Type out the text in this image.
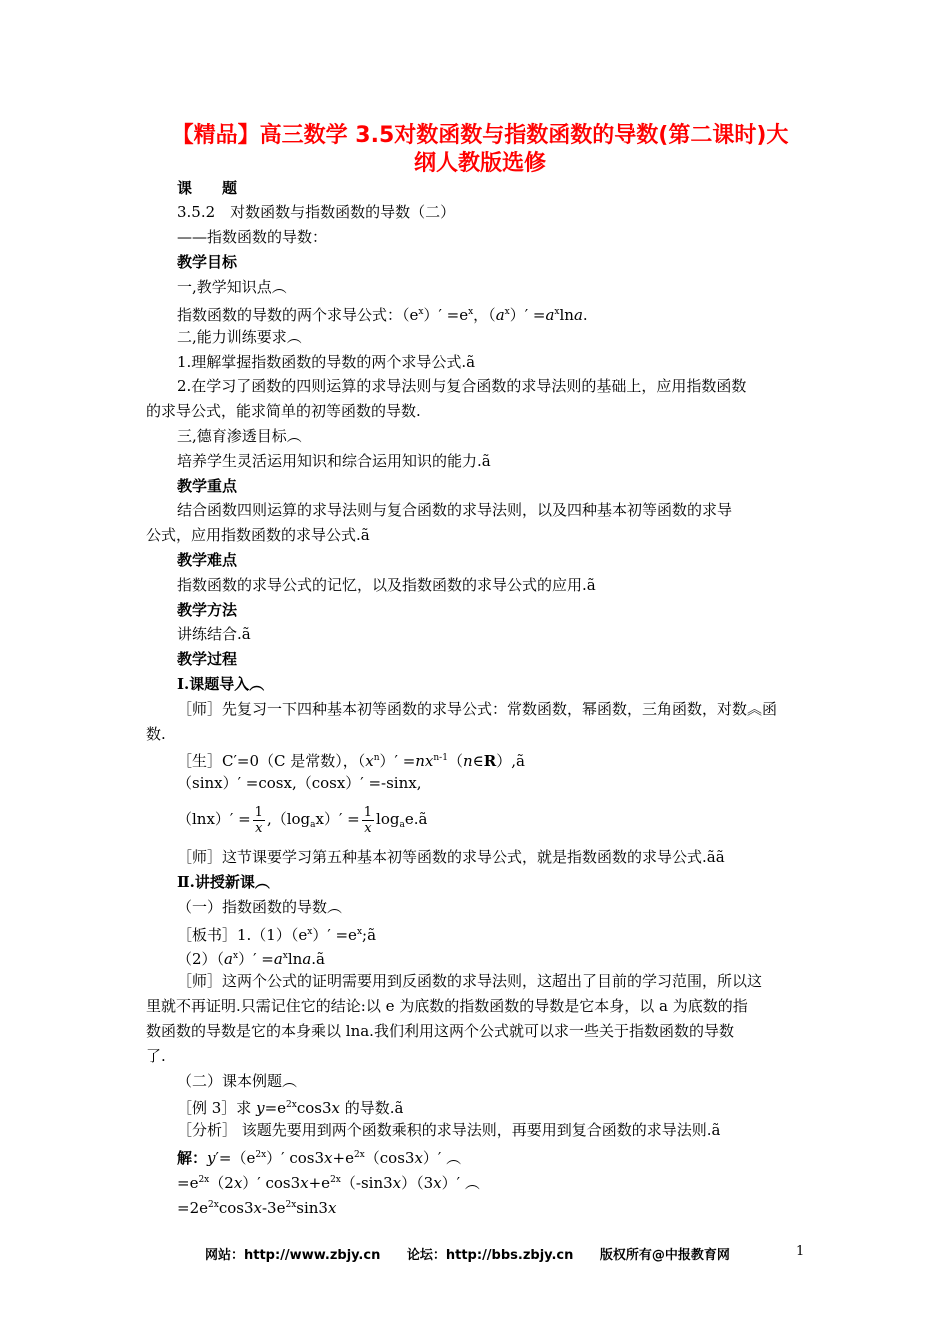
【精品】高三数学 3.5对数函数与指数函数的导数(第二课时)大
纲人教版选修
课　　题
3.5.2　对数函数与指数函数的导数（二）
——指数函数的导数：
教学目标
一,教学知识点︵
指数函数的导数的两个求导公式：$(e^x)' =e^x$，$(a^x)' =a^x\ln a$.
二,能力训练要求︵
1.理解掌握指数函数的导数的两个求导公式.ã
2.在学习了函数的四则运算的求导法则与复合函数的求导法则的基础上，应用指数函数
的求导公式，能求简单的初等函数的导数.
三,德育渗透目标︵
培养学生灵活运用知识和综合运用知识的能力.ã
教学重点
结合函数四则运算的求导法则与复合函数的求导法则，以及四种基本初等函数的求导
公式，应用指数函数的求导公式.ã
教学难点
指数函数的求导公式的记忆，以及指数函数的求导公式的应用.ã
教学方法
讲练结合.ã
教学过程
Ⅰ.课题导入︵
［师］先复习一下四种基本初等函数的求导公式：常数函数，幂函数，三角函数，对数︽函
数.
［生］C′=0（C 是常数），$(x^n)'$ $=nx^{n-1}(n\in R),ã$
（sinx）′ =cosx,（cosx）′ =-sinx,
$(\ln x)' = \frac{1}{x} ,(\log_ax)' = \frac{1}{x}$ $\log_ae.ã$
［师］这节课要学习第五种基本初等函数的求导公式，就是指数函数的求导公式.ãã
Ⅱ.讲授新课︵
（一）指数函数的导数︵
［板书$]1.(1)(e^x)'$ $=e^x;ã$
$(2)(a^x)'$ $=a^x\ln a.ã$
［师］这两个公式的证明需要用到反函数的求导法则，这超出了目前的学习范围，所以这
里就不再证明.只需记住它的结论:以 e 为底数的指数函数的导数是它本身，以 a 为底数的指
数函数的导数是它的本身乘以 lna.我们利用这两个公式就可以求一些关于指数函数的导数
了.
（二）课本例题︵
［例 3］求 $y=e^{2x}\cos 3x$ 的导数.ã
［分析］ 该题先要用到两个函数乘积的求导法则，再要用到复合函数的求导法则.ã
解：$y'=(e^{2x})'$ $\cos 3x+e^{2x}(\cos 3x)'$ ︵
$=e^{2x}(2x)'$ $\cos 3x+e^{2x}(-\sin 3x)(3x)'$ ︵
$=2e^{2x}\cos 3x-3e^{2x}\sin 3x$
网站：http://www.zbjy.cn 论坛：http://bbs.zbjy.cn 版权所有@中报教育网	1
